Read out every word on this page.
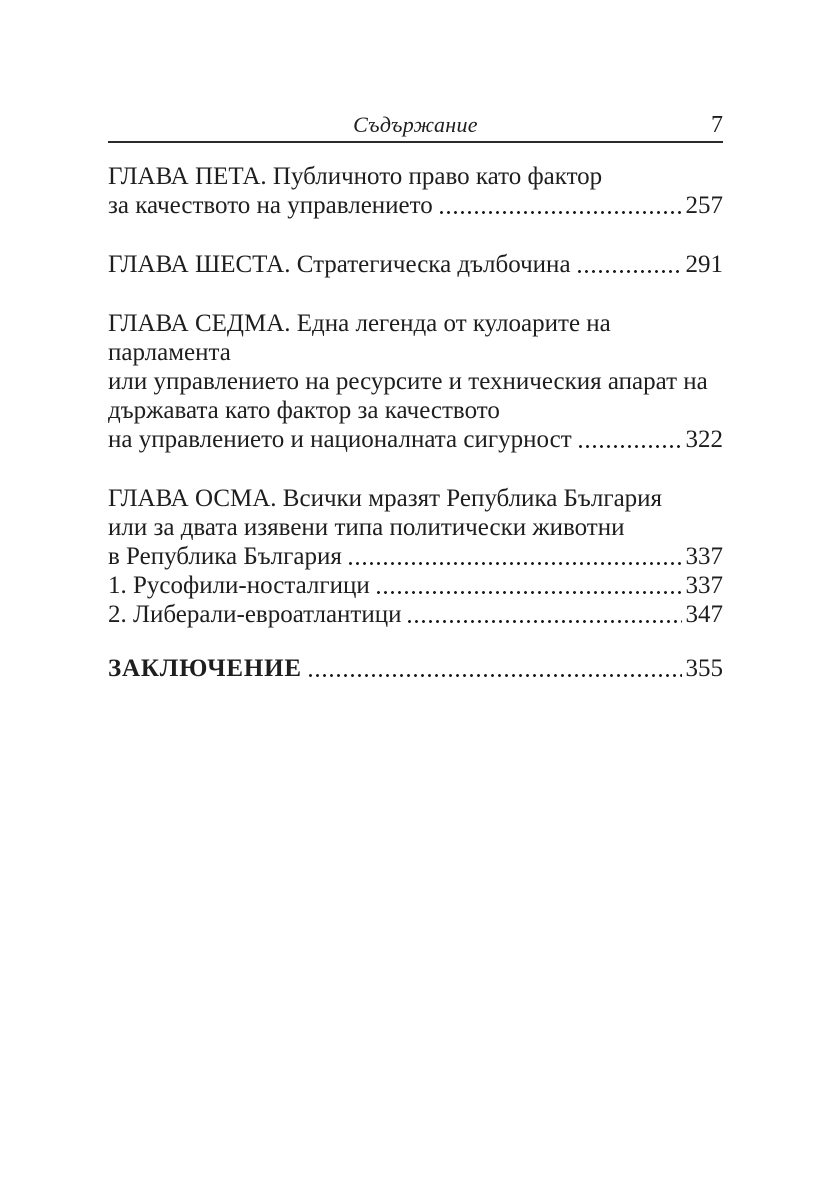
Съдържание	7
ГЛАВА ПЕТА. Публичното право като фактор
за качеството на управлението	257
ГЛАВА ШЕСТА. Стратегическа дълбочина	291
ГЛАВА СЕДМА. Една легенда от кулоарите на парламента
или управлението на ресурсите и техническия апарат на
държавата като фактор за качеството
на управлението и националната сигурност	322
ГЛАВА ОСМА. Всички мразят Република България
или за двата изявени типа политически животни
в Република България	337
1. Русофили-носталгици	337
2. Либерали-евроатлантици	347
ЗАКЛЮЧЕНИЕ	355
